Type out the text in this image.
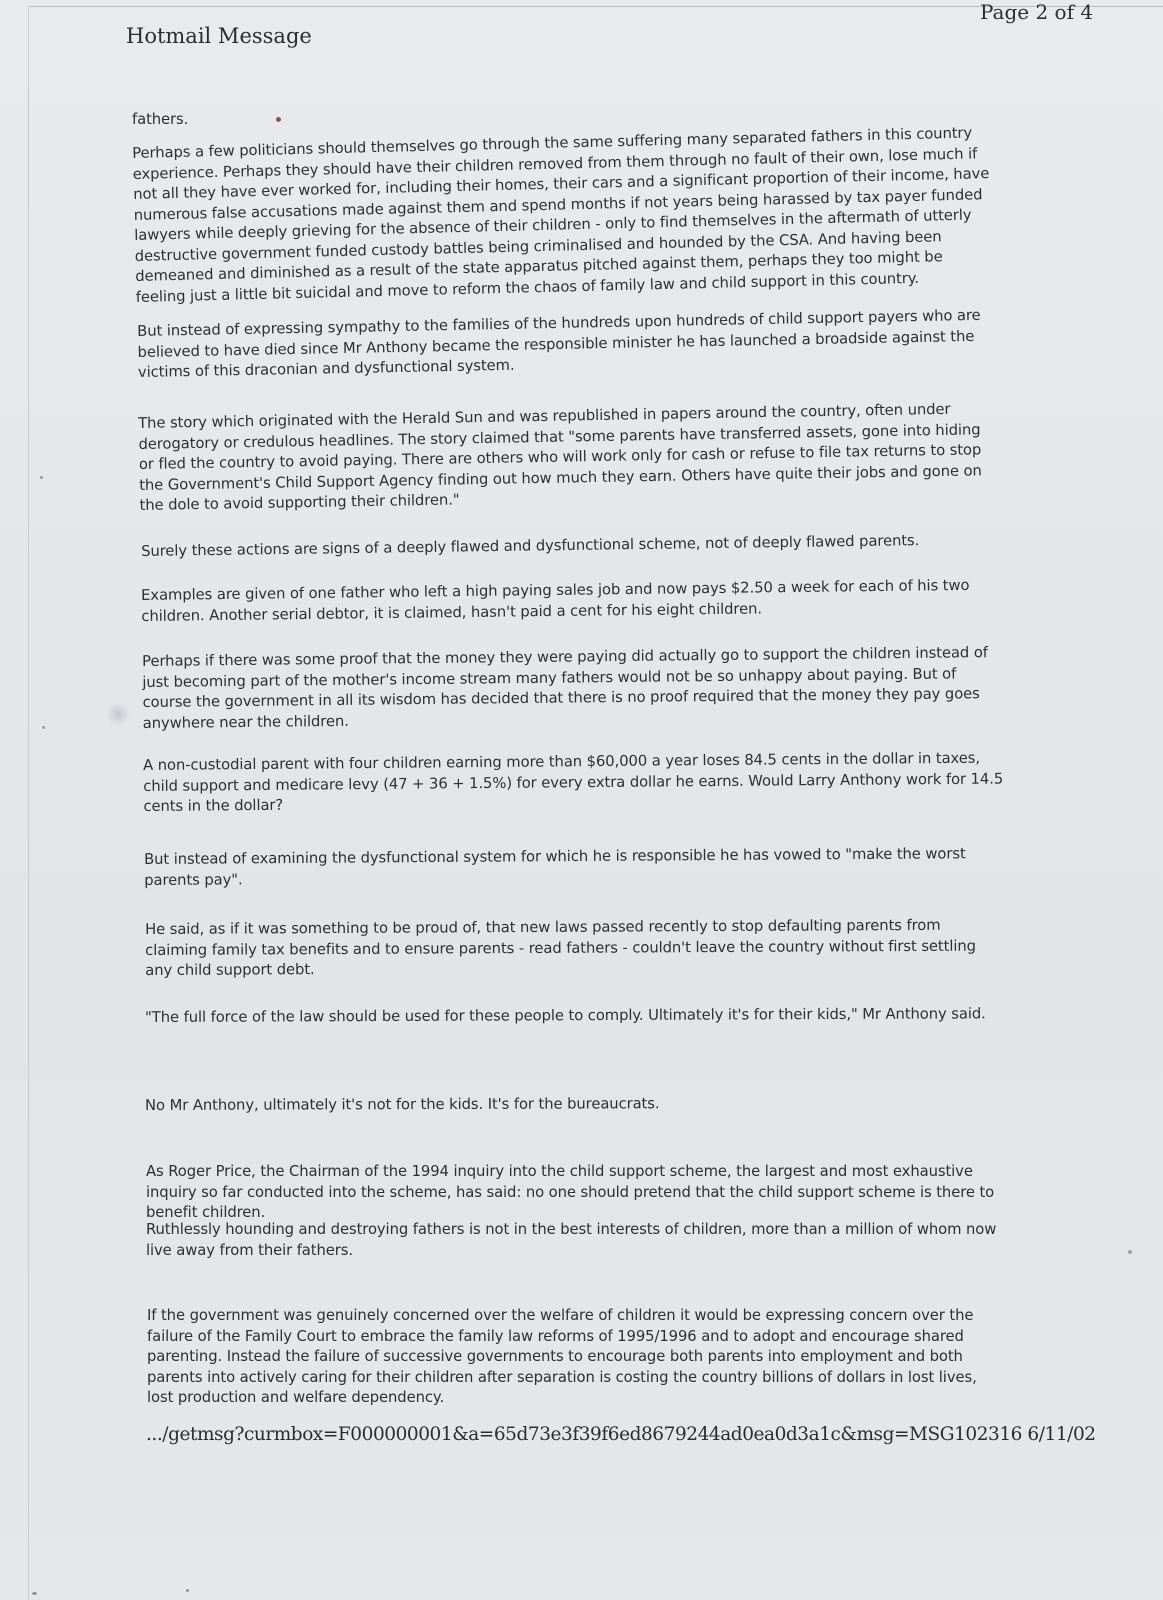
Hotmail Message
Page 2 of 4

fathers.

Perhaps a few politicians should themselves go through the same suffering many separated fathers in this country experience. Perhaps they should have their children removed from them through no fault of their own, lose much if not all they have ever worked for, including their homes, their cars and a significant proportion of their income, have numerous false accusations made against them and spend months if not years being harassed by tax payer funded lawyers while deeply grieving for the absence of their children - only to find themselves in the aftermath of utterly destructive government funded custody battles being criminalised and hounded by the CSA. And having been demeaned and diminished as a result of the state apparatus pitched against them, perhaps they too might be feeling just a little bit suicidal and move to reform the chaos of family law and child support in this country.

But instead of expressing sympathy to the families of the hundreds upon hundreds of child support payers who are believed to have died since Mr Anthony became the responsible minister he has launched a broadside against the victims of this draconian and dysfunctional system.

The story which originated with the Herald Sun and was republished in papers around the country, often under derogatory or credulous headlines. The story claimed that "some parents have transferred assets, gone into hiding or fled the country to avoid paying. There are others who will work only for cash or refuse to file tax returns to stop the Government's Child Support Agency finding out how much they earn. Others have quite their jobs and gone on the dole to avoid supporting their children."

Surely these actions are signs of a deeply flawed and dysfunctional scheme, not of deeply flawed parents.

Examples are given of one father who left a high paying sales job and now pays $2.50 a week for each of his two children. Another serial debtor, it is claimed, hasn't paid a cent for his eight children.

Perhaps if there was some proof that the money they were paying did actually go to support the children instead of just becoming part of the mother's income stream many fathers would not be so unhappy about paying. But of course the government in all its wisdom has decided that there is no proof required that the money they pay goes anywhere near the children.

A non-custodial parent with four children earning more than $60,000 a year loses 84.5 cents in the dollar in taxes, child support and medicare levy (47 + 36 + 1.5%) for every extra dollar he earns. Would Larry Anthony work for 14.5 cents in the dollar?

But instead of examining the dysfunctional system for which he is responsible he has vowed to "make the worst parents pay".

He said, as if it was something to be proud of, that new laws passed recently to stop defaulting parents from claiming family tax benefits and to ensure parents - read fathers - couldn't leave the country without first settling any child support debt.

"The full force of the law should be used for these people to comply. Ultimately it's for their kids," Mr Anthony said.

No Mr Anthony, ultimately it's not for the kids. It's for the bureaucrats.

As Roger Price, the Chairman of the 1994 inquiry into the child support scheme, the largest and most exhaustive inquiry so far conducted into the scheme, has said: no one should pretend that the child support scheme is there to benefit children.

Ruthlessly hounding and destroying fathers is not in the best interests of children, more than a million of whom now live away from their fathers.

If the government was genuinely concerned over the welfare of children it would be expressing concern over the failure of the Family Court to embrace the family law reforms of 1995/1996 and to adopt and encourage shared parenting. Instead the failure of successive governments to encourage both parents into employment and both parents into actively caring for their children after separation is costing the country billions of dollars in lost lives, lost production and welfare dependency.

.../getmsg?curmbox=F000000001&a=65d73e3f39f6ed8679244ad0ea0d3a1c&msg=MSG102316 6/11/02
